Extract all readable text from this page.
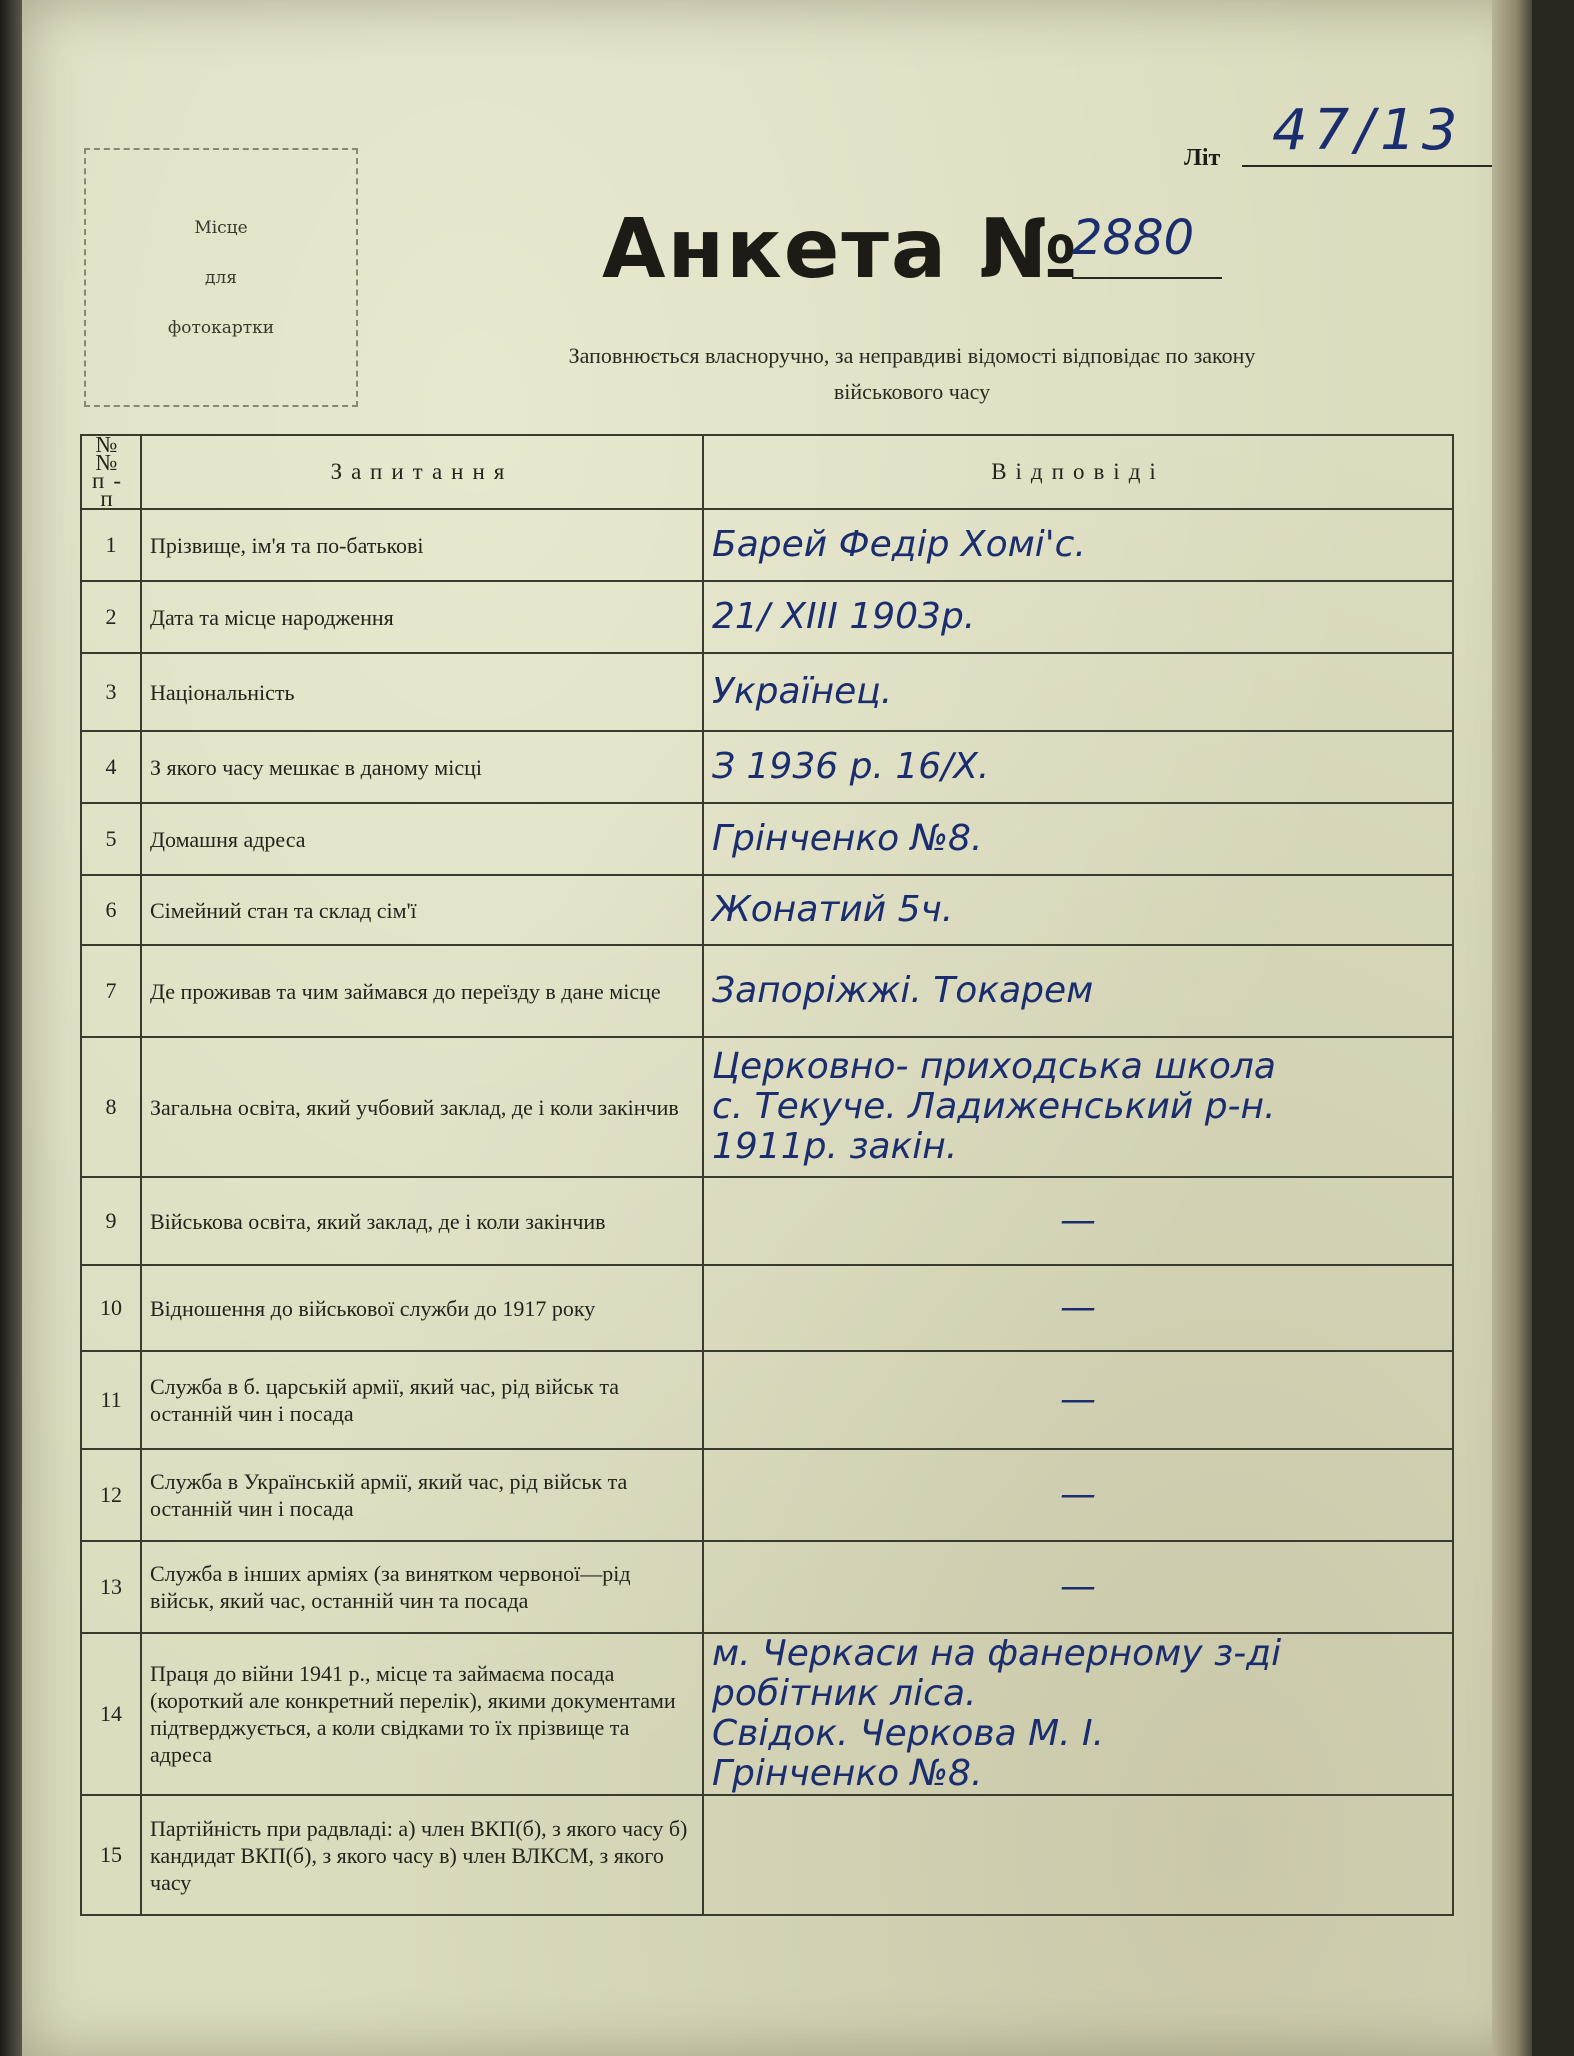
Місце
для
фотокартки
Літ 47/13
Анкета №
2880
Заповнюється власноручно, за неправдиві відомості відповідає по закону
військового часу
№№ п-п	Запитання	Відповіді
1	Прізвище, ім'я та по-батькові	Барей Федір Хомі'с.

2	Дата та місце народження	21/ XIII 1903р.

3	Національність	Українец.

4	З якого часу мешкає в даному місці	З 1936 р. 16/X.

5	Домашня адреса	Грінченко №8.

6	Сімейний стан та склад сім'ї	Жонатий 5ч.

7	Де проживав та чим займався до переїзду в дане місце	Запоріжжі. Токарем

8	Загальна освіта, який учбовий заклад, де і коли закінчив	Церковно- приходська школа
с. Текуче. Ладиженський р-н.
1911р. закін.

9	Військова освіта, який заклад, де і коли закінчив	—

10	Відношення до військової служби до 1917 року	—

11	Служба в б. царській армії, який час, рід військ та останній чин і посада	—

12	Служба в Українській армії, який час, рід військ та останній чин і посада	—

13	Служба в інших арміях (за винятком червоної—рід військ, який час, останній чин та посада	—

14	Праця до війни 1941 р., місце та займаєма посада (короткий але конкретний перелік), якими документами підтверджується, а коли свідками то їх прізвище та адреса	м. Черкаси на фанерному з-ді
робітник ліса.
Свідок. Черкова М. І.
Грінченко №8.

15	Партійність при радвладі: а) член ВКП(б), з якого часу б) кандидат ВКП(б), з якого часу в) член ВЛКСМ, з якого часу	
